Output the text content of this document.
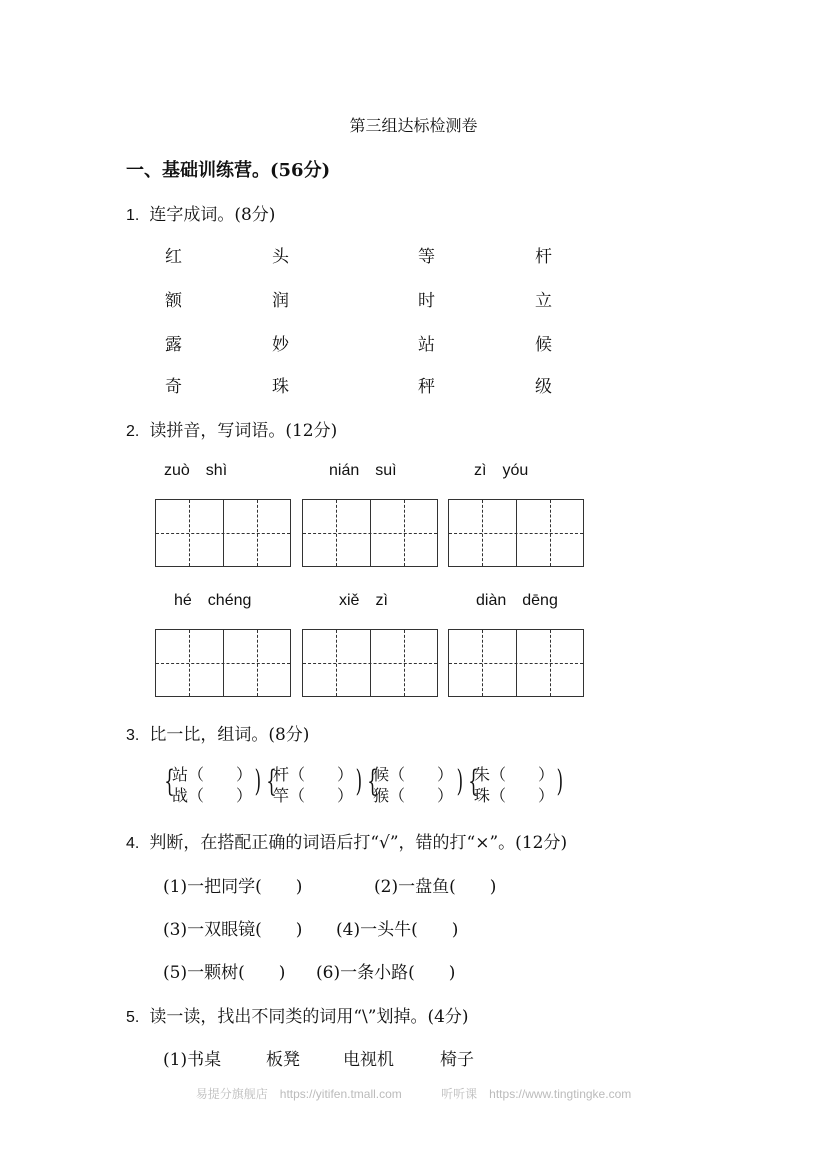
第三组达标检测卷
一、基础训练营。(56分)
1. 连字成词。(8分)
红	头	等	杆
额	润	时	立
露	妙	站	候
奇	珠	秤	级
2. 读拼音，写词语。(12分)
zuò　shì	nián　suì	zì　yóu
hé　chéng	xiě　zì	diàn　dēng
3. 比一比，组词。(8分)
{
站（　　）
战（　　） ) {
杆（　　）
竿（　　） ) {
候（　　）
猴（　　） ) {
朱（　　）
珠（　　） )
4. 判断，在搭配正确的词语后打“√”，错的打“×”。(12分)
(1)一把同学(　　)	(2)一盘鱼(　　)
(3)一双眼镜(　　) (4)一头牛(　　)
(5)一颗树(　　) (6)一条小路(　　)
5. 读一读，找出不同类的词用“\”划掉。(4分)
(1)书桌	板凳	电视机	椅子
易提分旗舰店 https://yitifen.tmall.com	听听课 https://www.tingtingke.com
